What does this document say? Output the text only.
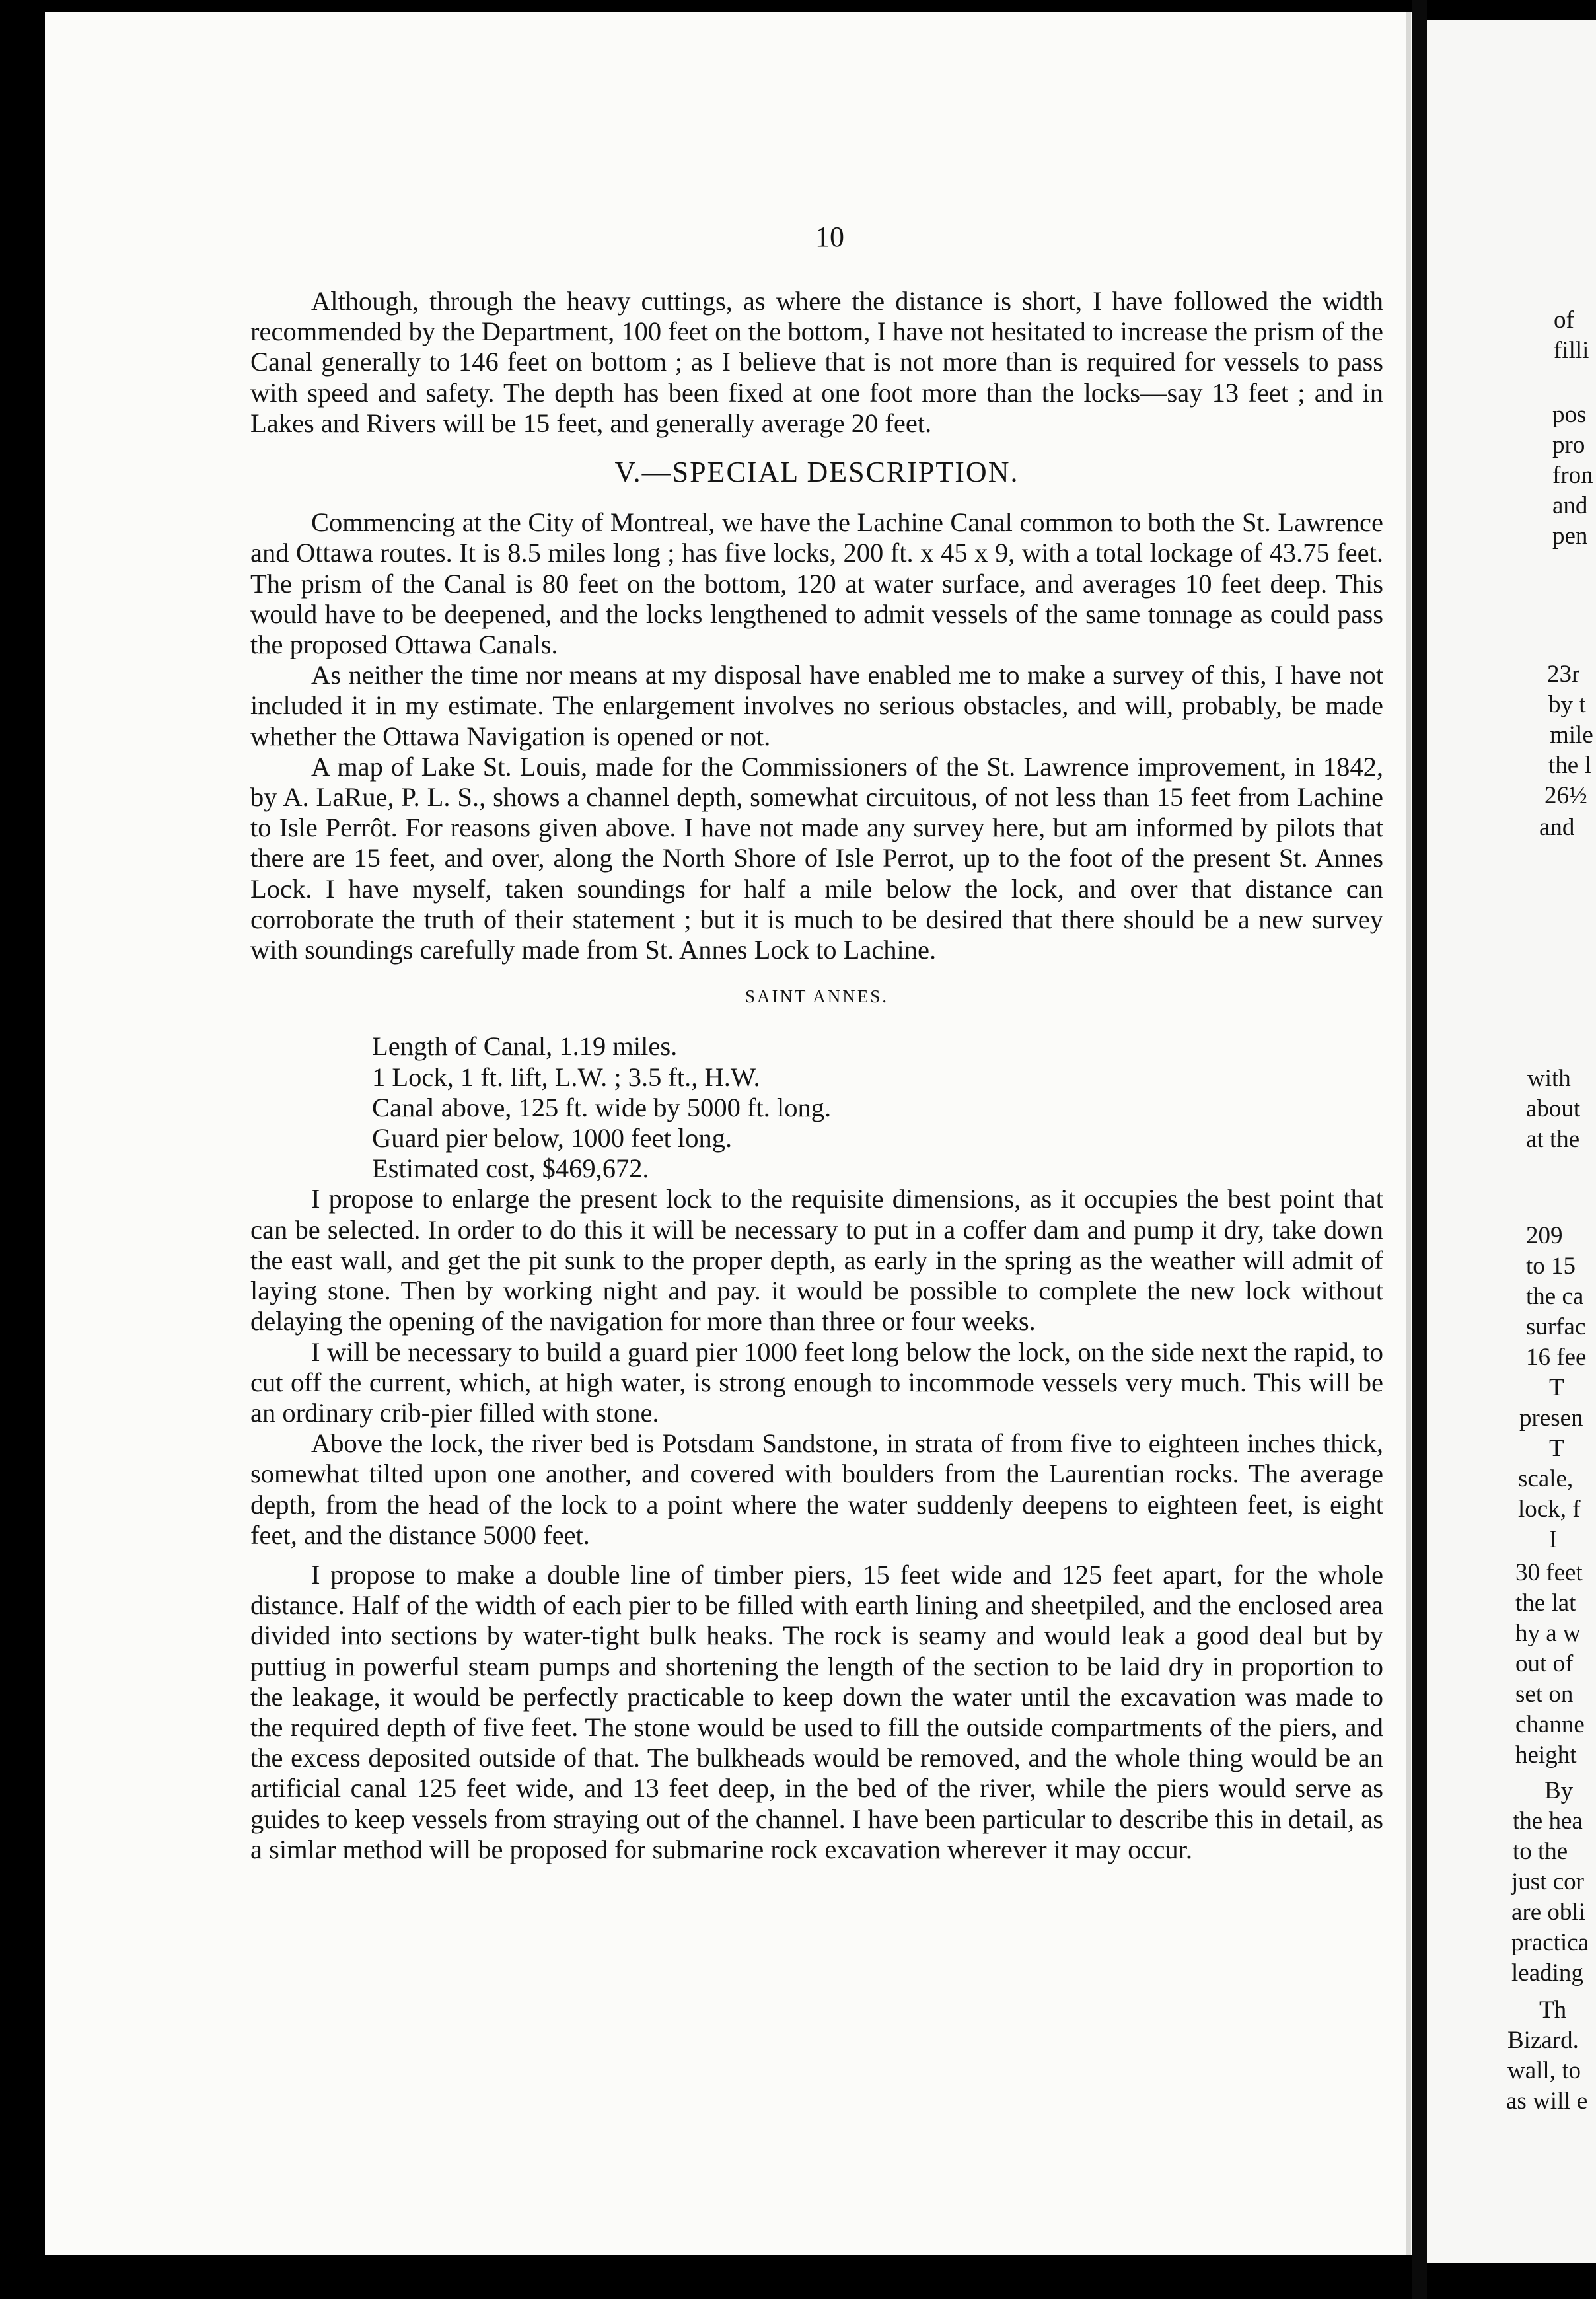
10

Although, through the heavy cuttings, as where the distance is short, I have followed the width recommended by the Department, 100 feet on the bottom, I have not hesitated to increase the prism of the Canal generally to 146 feet on bottom ; as I believe that is not more than is required for vessels to pass with speed and safety. The depth has been fixed at one foot more than the locks—say 13 feet ; and in Lakes and Rivers will be 15 feet, and generally average 20 feet.

V.—SPECIAL DESCRIPTION.

Commencing at the City of Montreal, we have the Lachine Canal common to both the St. Lawrence and Ottawa routes. It is 8.5 miles long ; has five locks, 200 ft. x 45 x 9, with a total lockage of 43.75 feet. The prism of the Canal is 80 feet on the bottom, 120 at water surface, and averages 10 feet deep. This would have to be deepened, and the locks lengthened to admit vessels of the same tonnage as could pass the proposed Ottawa Canals.

As neither the time nor means at my disposal have enabled me to make a survey of this, I have not included it in my estimate. The enlargement involves no serious obstacles, and will, probably, be made whether the Ottawa Navigation is opened or not.

A map of Lake St. Louis, made for the Commissioners of the St. Lawrence improvement, in 1842, by A. LaRue, P. L. S., shows a channel depth, somewhat circuitous, of not less than 15 feet from Lachine to Isle Perrôt. For reasons given above. I have not made any survey here, but am informed by pilots that there are 15 feet, and over, along the North Shore of Isle Perrot, up to the foot of the present St. Annes Lock. I have myself, taken soundings for half a mile below the lock, and over that distance can corroborate the truth of their statement ; but it is much to be desired that there should be a new survey with soundings carefully made from St. Annes Lock to Lachine.

SAINT ANNES.

Length of Canal, 1.19 miles.

1 Lock, 1 ft. lift, L.W. ; 3.5 ft., H.W.

Canal above, 125 ft. wide by 5000 ft. long.

Guard pier below, 1000 feet long.

Estimated cost, $469,672.

I propose to enlarge the present lock to the requisite dimensions, as it occupies the best point that can be selected. In order to do this it will be necessary to put in a coffer dam and pump it dry, take down the east wall, and get the pit sunk to the proper depth, as early in the spring as the weather will admit of laying stone. Then by working night and pay. it would be possible to complete the new lock without delaying the opening of the navigation for more than three or four weeks.

I will be necessary to build a guard pier 1000 feet long below the lock, on the side next the rapid, to cut off the current, which, at high water, is strong enough to incommode vessels very much. This will be an ordinary crib-pier filled with stone.

Above the lock, the river bed is Potsdam Sandstone, in strata of from five to eighteen inches thick, somewhat tilted upon one another, and covered with boulders from the Laurentian rocks. The average depth, from the head of the lock to a point where the water suddenly deepens to eighteen feet, is eight feet, and the distance 5000 feet.

I propose to make a double line of timber piers, 15 feet wide and 125 feet apart, for the whole distance. Half of the width of each pier to be filled with earth lining and sheetpiled, and the enclosed area divided into sections by water-tight bulk heaks. The rock is seamy and would leak a good deal but by puttiug in powerful steam pumps and shortening the length of the section to be laid dry in proportion to the leakage, it would be perfectly practicable to keep down the water until the excavation was made to the required depth of five feet. The stone would be used to fill the outside compartments of the piers, and the excess deposited outside of that. The bulkheads would be removed, and the whole thing would be an artificial canal 125 feet wide, and 13 feet deep, in the bed of the river, while the piers would serve as guides to keep vessels from straying out of the channel. I have been particular to describe this in detail, as a simlar method will be proposed for submarine rock excavation wherever it may occur.

of
filli
pos
pro
fron
and
pen
23r
by t
mile
the l
26½
and
with
about
at the
209
to 15
the ca
surfac
16 fee
T
presen
T
scale,
lock, f
I
30 feet
the lat
hy a w
out of
set on
channe
height
By
the hea
to the
just cor
are obli
practica
leading
Th
Bizard.
wall, to
as will e
